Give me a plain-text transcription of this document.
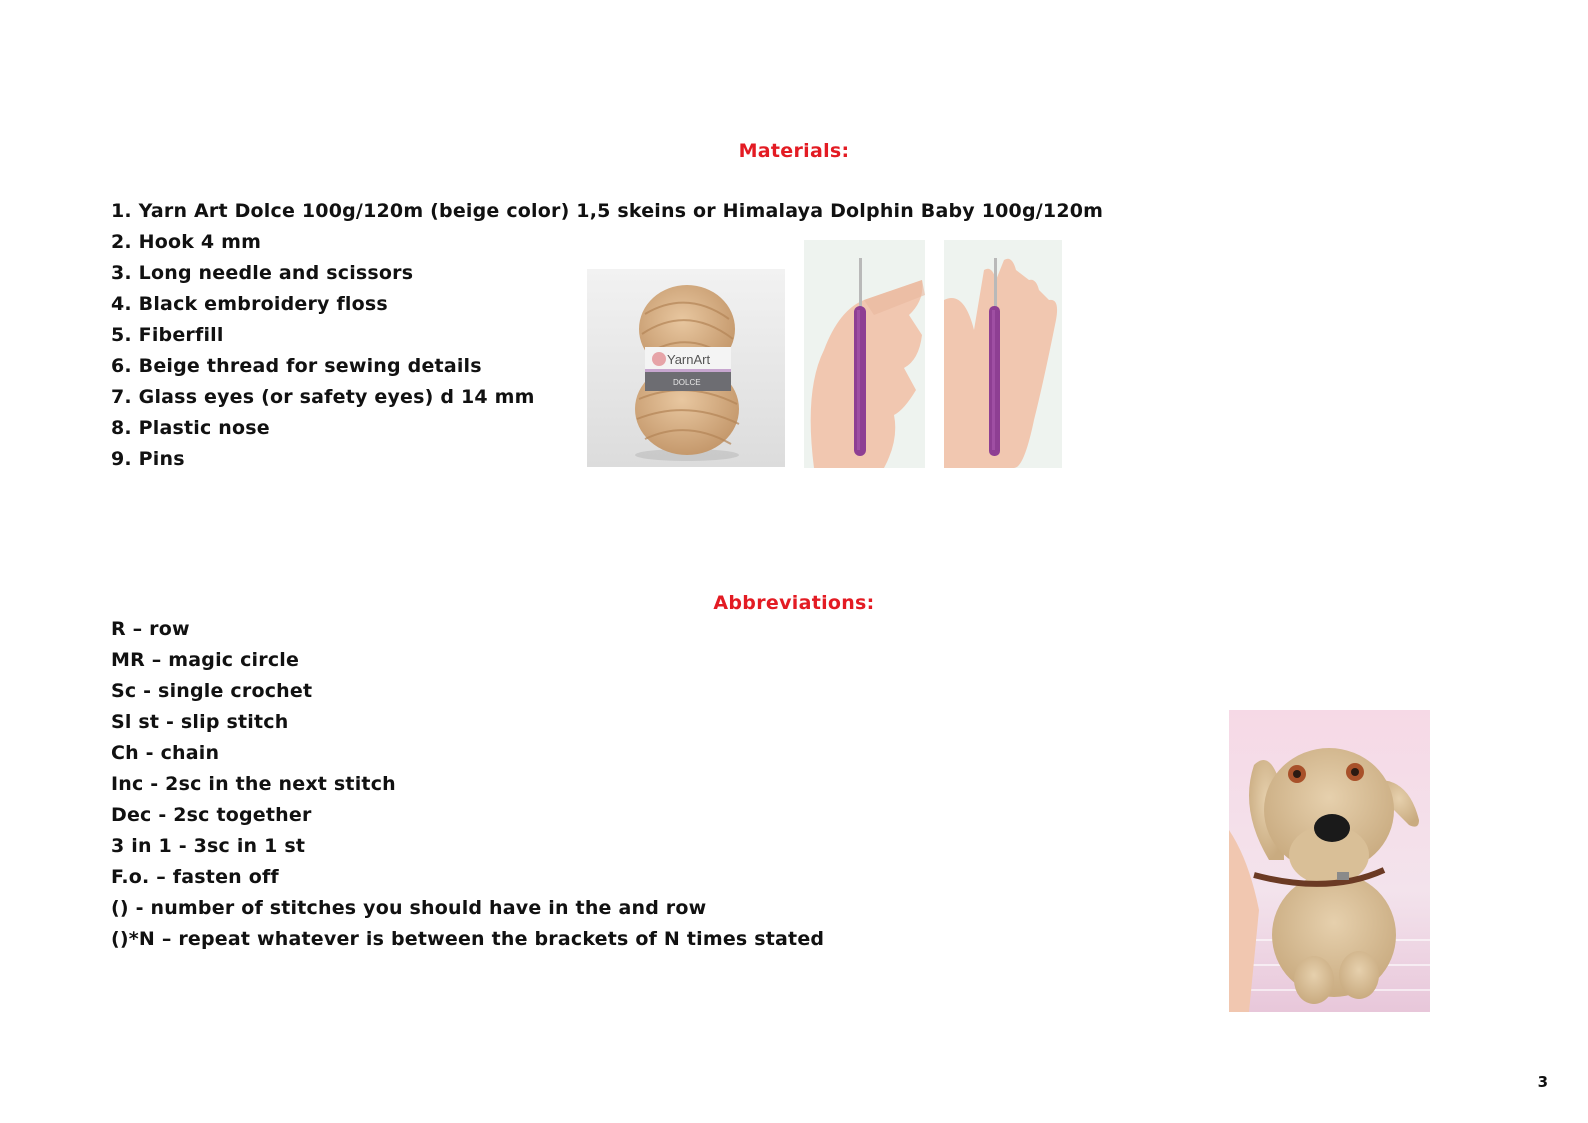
Materials:
1. Yarn Art Dolce 100g/120m (beige color) 1,5 skeins or Himalaya Dolphin Baby 100g/120m
2. Hook 4 mm
3. Long needle and scissors
4. Black embroidery floss
5. Fiberfill
6. Beige thread for sewing details
7. Glass eyes (or safety eyes) d 14 mm
8. Plastic nose
9. Pins
YarnArt
DOLCE
Abbreviations:
R – row
MR – magic circle
Sc - single crochet
Sl st - slip stitch
Ch - chain
Inc - 2sc in the next stitch
Dec - 2sc together
3 in 1 - 3sc in 1 st
F.o. – fasten off
() - number of stitches you should have in the and row
()*N – repeat whatever is between the brackets of N times stated
3
